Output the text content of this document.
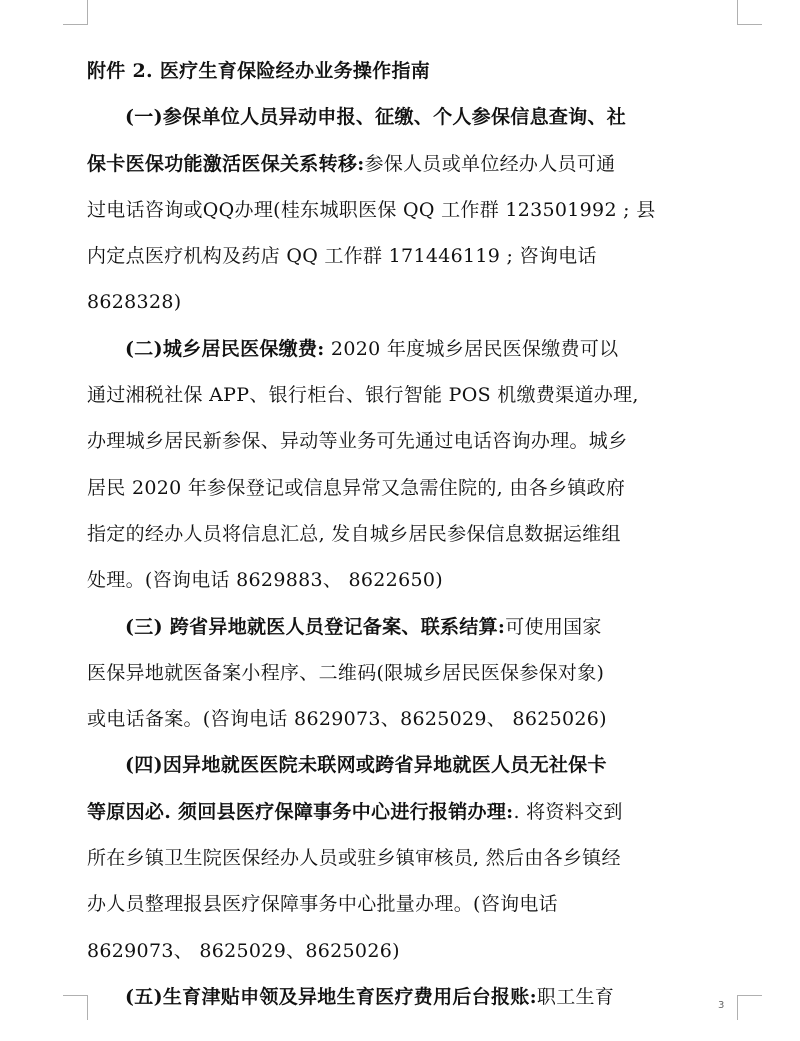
附件 2. 医疗生育保险经办业务操作指南
(一)参保单位人员异动申报、征缴、个人参保信息查询、社
保卡医保功能激活医保关系转移:参保人员或单位经办人员可通
过电话咨询或QQ办理(桂东城职医保 QQ 工作群 123501992 ; 县
内定点医疗机构及药店 QQ 工作群 171446119 ; 咨询电话
8628328)
(二)城乡居民医保缴费: 2020 年度城乡居民医保缴费可以
通过湘税社保 APP、银行柜台、银行智能 POS 机缴费渠道办理,
办理城乡居民新参保、异动等业务可先通过电话咨询办理。城乡
居民 2020 年参保登记或信息异常又急需住院的, 由各乡镇政府
指定的经办人员将信息汇总, 发自城乡居民参保信息数据运维组
处理。(咨询电话 8629883、 8622650)
(三) 跨省异地就医人员登记备案、联系结算:可使用国家
医保异地就医备案小程序、二维码(限城乡居民医保参保对象)
或电话备案。(咨询电话 8629073、8625029、 8625026)
(四)因异地就医医院未联网或跨省异地就医人员无社保卡
等原因必. 须回县医疗保障事务中心进行报销办理:. 将资料交到
所在乡镇卫生院医保经办人员或驻乡镇审核员, 然后由各乡镇经
办人员整理报县医疗保障事务中心批量办理。(咨询电话
8629073、 8625029、8625026)
(五)生育津贴申领及异地生育医疗费用后台报账:职工生育	3
